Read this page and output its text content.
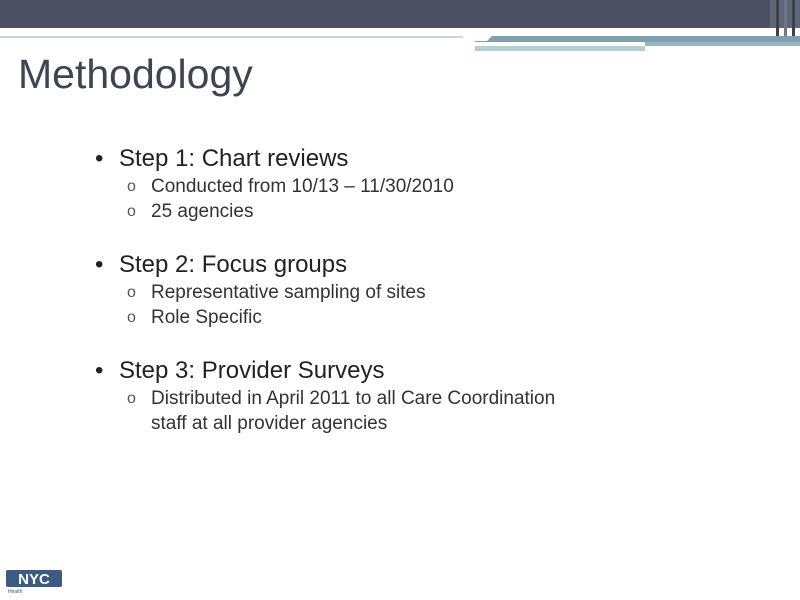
Methodology
• Step 1: Chart reviews
o Conducted from 10/13 – 11/30/2010
o 25 agencies
• Step 2: Focus groups
o Representative sampling of sites
o Role Specific
• Step 3: Provider Surveys
o Distributed in April 2011 to all Care Coordination
staff at all provider agencies
NYC
Health
